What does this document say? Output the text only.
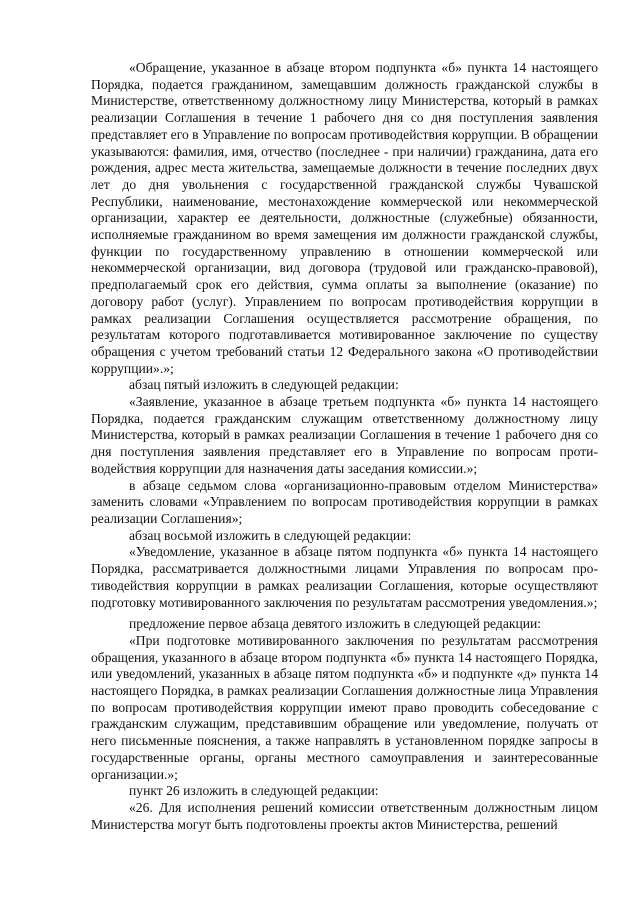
«Обращение, указанное в абзаце втором подпункта «б» пункта 14 настоящего Порядка, подается гражданином, замещавшим должность гражданской службы в Министерстве, ответственному должностному лицу Министерства, который в рамках реализации Соглашения в течение 1 рабочего дня со дня поступления заявления представляет его в Управление по вопросам противодействия коррупции. В обращении указываются: фамилия, имя, отчество (последнее - при наличии) гражданина, дата его рождения, адрес места жительства, замещаемые должности в течение последних двух лет до дня увольнения с государственной гражданской службы Чувашской Республики, наименование, местонахождение коммерческой или некоммерческой организации, характер ее деятельности, должностные (служебные) обязанности, исполняемые гражданином во время замещения им должности гражданской службы, функции по государственному управлению в отношении коммерческой или некоммерческой организации, вид договора (трудовой или гражданско-правовой), предполагаемый срок его действия, сумма оплаты за выполнение (оказание) по договору работ (услуг). Управлением по вопросам противодействия коррупции в рамках реализации Соглашения осуществляется рассмотрение обращения, по результатам которого подготавливается мотивированное заключение по существу обращения с учетом требований статьи 12 Федерального закона «О противодействии коррупции».»;

абзац пятый изложить в следующей редакции:

«Заявление, указанное в абзаце третьем подпункта «б» пункта 14 настоящего Порядка, подается гражданским служащим ответственному должностному лицу Министерства, который в рамках реализации Соглашения в течение 1 рабочего дня со дня поступления заявления представляет его в Управление по вопросам противодействия коррупции для назначения даты заседания комиссии.»;

в абзаце седьмом слова «организационно-правовым отделом Министерства» заменить словами «Управлением по вопросам противодействия коррупции в рамках реализации Соглашения»;

абзац восьмой изложить в следующей редакции:

«Уведомление, указанное в абзаце пятом подпункта «б» пункта 14 настоящего Порядка, рассматривается должностными лицами Управления по вопросам противодействия коррупции в рамках реализации Соглашения, которые осуществляют подготовку мотивированного заключения по результатам рассмотрения уведомления.»;

предложение первое абзаца девятого изложить в следующей редакции:

«При подготовке мотивированного заключения по результатам рассмотрения обращения, указанного в абзаце втором подпункта «б» пункта 14 настоящего Порядка, или уведомлений, указанных в абзаце пятом подпункта «б» и подпункте «д» пункта 14 настоящего Порядка, в рамках реализации Соглашения должностные лица Управления по вопросам противодействия коррупции имеют право проводить собеседование с гражданским служащим, представившим обращение или уведомление, получать от него письменные пояснения, а также направлять в установленном порядке запросы в государственные органы, органы местного самоуправления и заинтересованные организации.»;

пункт 26 изложить в следующей редакции:

«26. Для исполнения решений комиссии ответственным должностным лицом Министерства могут быть подготовлены проекты актов Министерства, решений
